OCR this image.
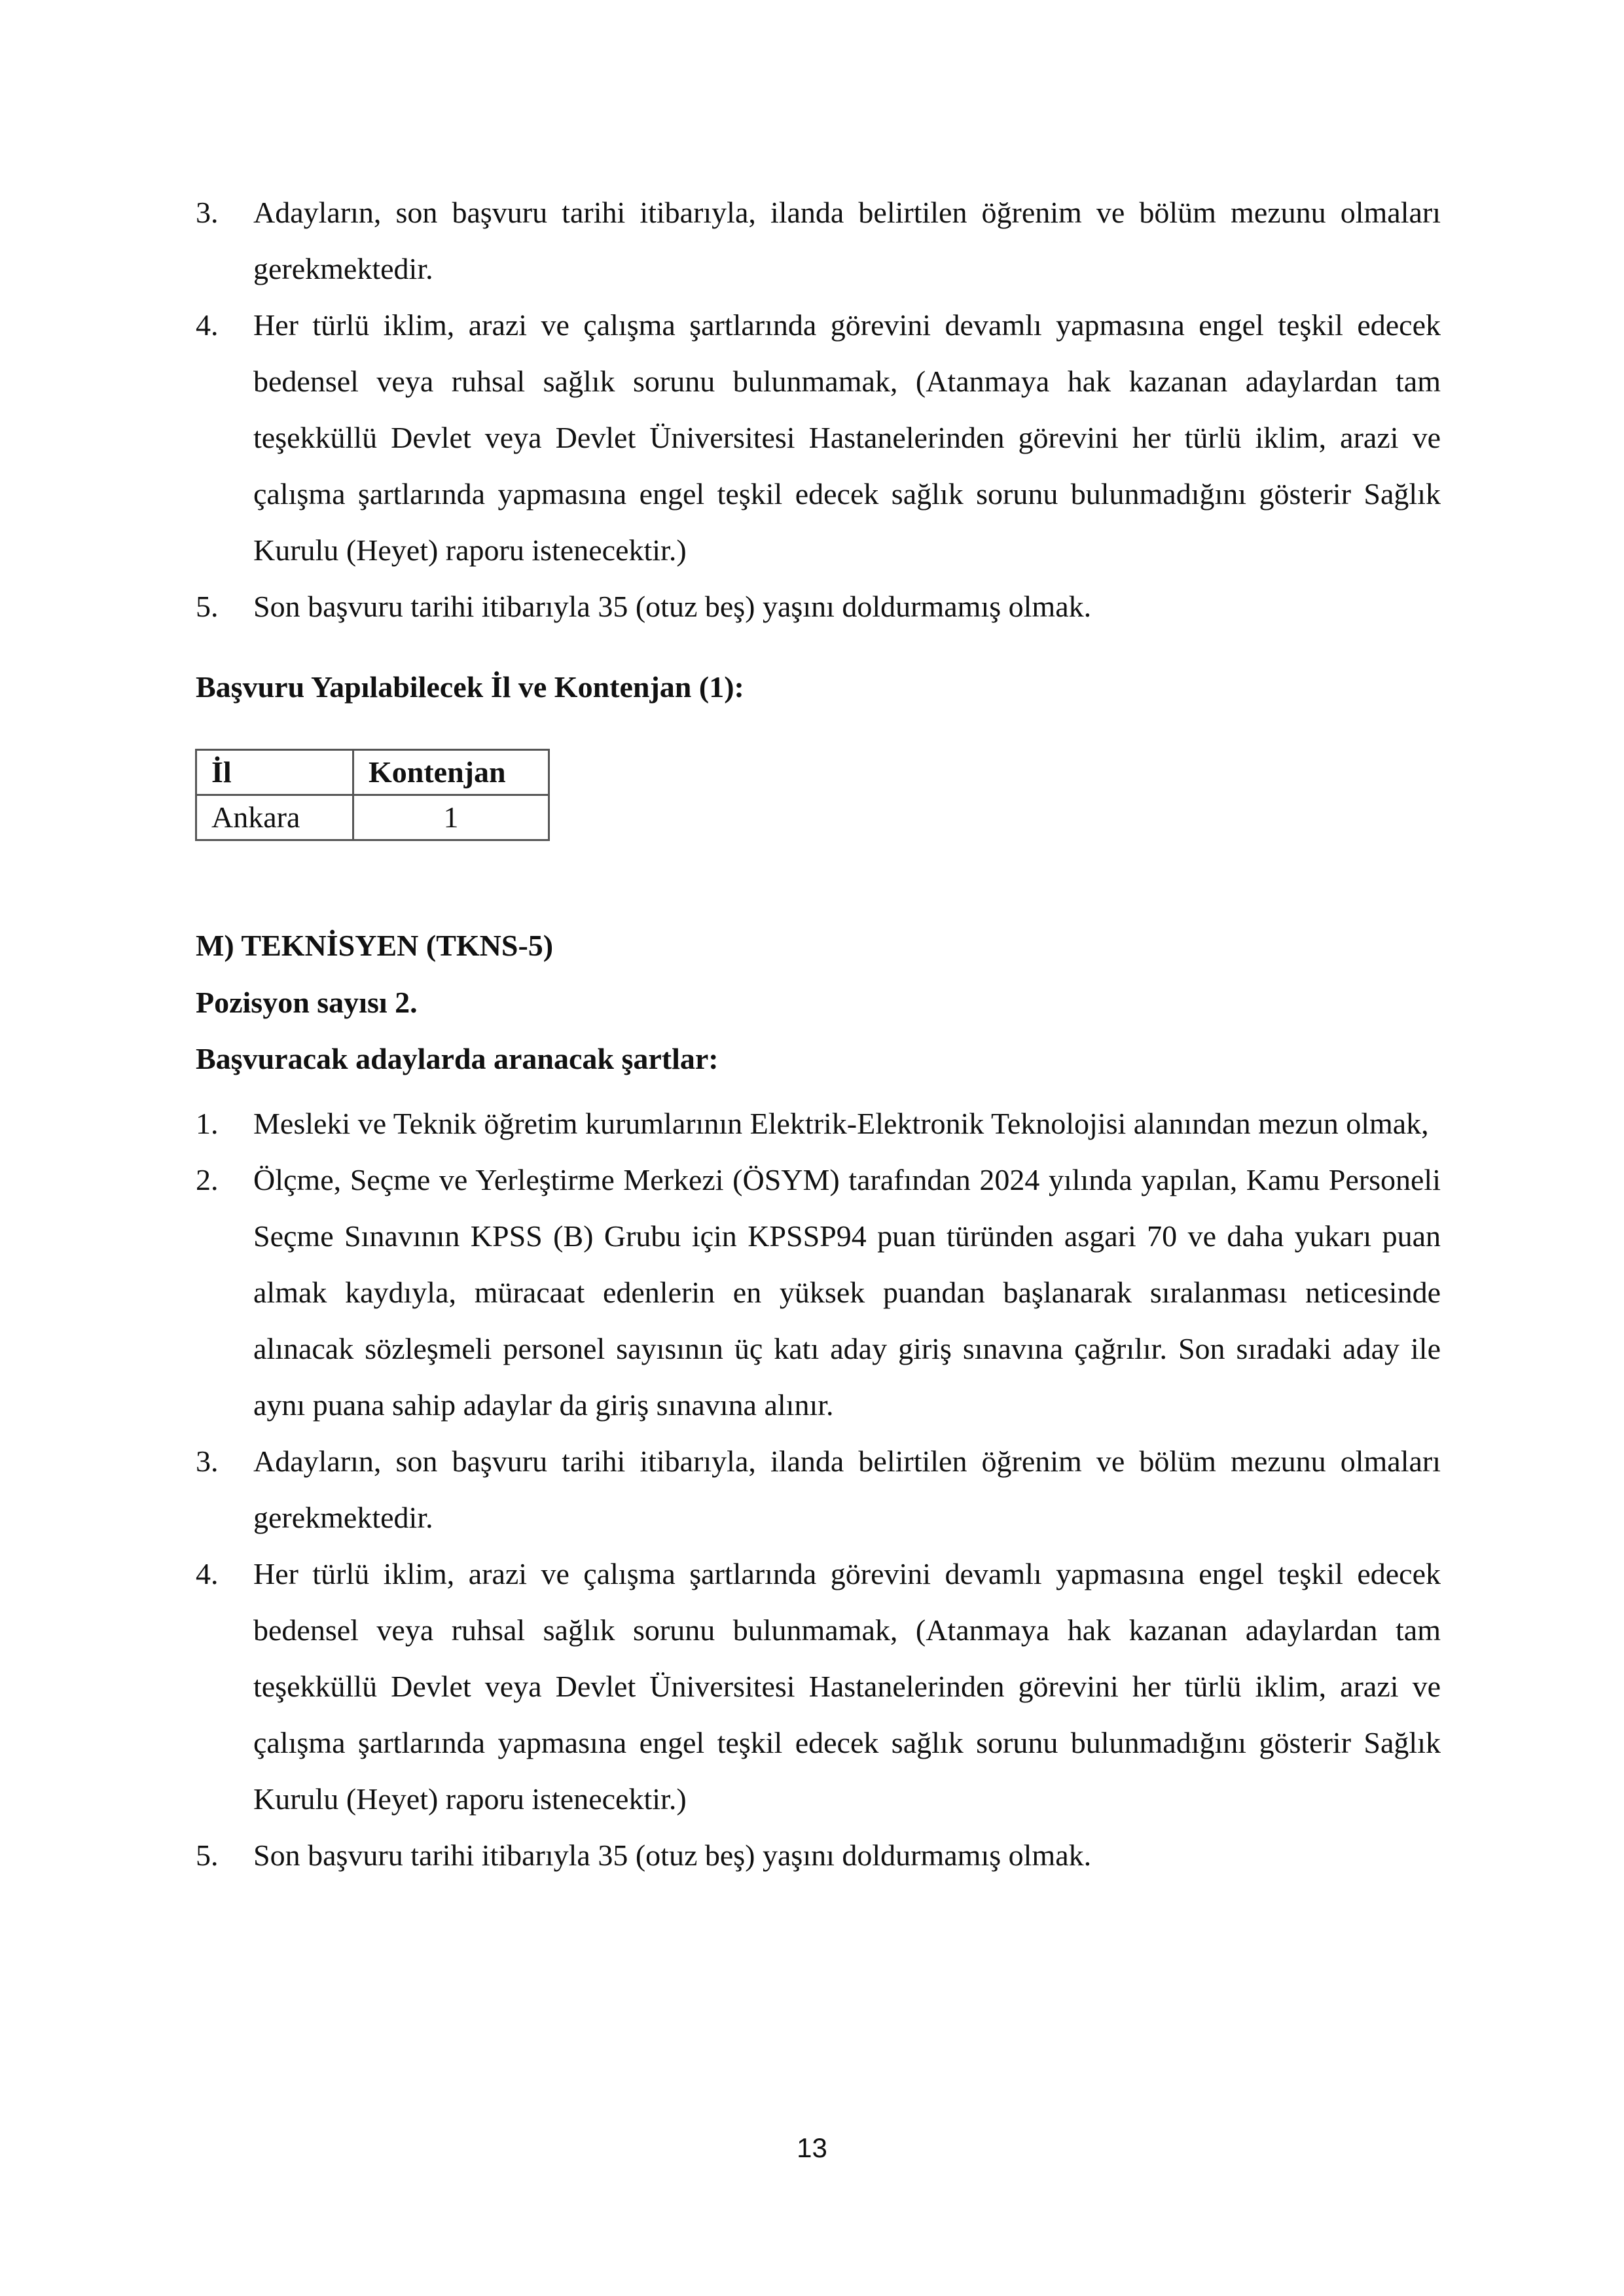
3. Adayların, son başvuru tarihi itibarıyla, ilanda belirtilen öğrenim ve bölüm mezunu olmaları gerekmektedir.
4. Her türlü iklim, arazi ve çalışma şartlarında görevini devamlı yapmasına engel teşkil edecek bedensel veya ruhsal sağlık sorunu bulunmamak, (Atanmaya hak kazanan adaylardan tam teşekküllü Devlet veya Devlet Üniversitesi Hastanelerinden görevini her türlü iklim, arazi ve çalışma şartlarında yapmasına engel teşkil edecek sağlık sorunu bulunmadığını gösterir Sağlık Kurulu (Heyet) raporu istenecektir.)
5. Son başvuru tarihi itibarıyla 35 (otuz beş) yaşını doldurmamış olmak.
Başvuru Yapılabilecek İl ve Kontenjan (1):
İl	Kontenjan
Ankara	1
M) TEKNİSYEN (TKNS-5)
Pozisyon sayısı 2.
Başvuracak adaylarda aranacak şartlar:
1. Mesleki ve Teknik öğretim kurumlarının Elektrik-Elektronik Teknolojisi alanından mezun olmak,
2. Ölçme, Seçme ve Yerleştirme Merkezi (ÖSYM) tarafından 2024 yılında yapılan, Kamu Personeli Seçme Sınavının KPSS (B) Grubu için KPSSP94 puan türünden asgari 70 ve daha yukarı puan almak kaydıyla, müracaat edenlerin en yüksek puandan başlanarak sıralanması neticesinde alınacak sözleşmeli personel sayısının üç katı aday giriş sınavına çağrılır. Son sıradaki aday ile aynı puana sahip adaylar da giriş sınavına alınır.
3. Adayların, son başvuru tarihi itibarıyla, ilanda belirtilen öğrenim ve bölüm mezunu olmaları gerekmektedir.
4. Her türlü iklim, arazi ve çalışma şartlarında görevini devamlı yapmasına engel teşkil edecek bedensel veya ruhsal sağlık sorunu bulunmamak, (Atanmaya hak kazanan adaylardan tam teşekküllü Devlet veya Devlet Üniversitesi Hastanelerinden görevini her türlü iklim, arazi ve çalışma şartlarında yapmasına engel teşkil edecek sağlık sorunu bulunmadığını gösterir Sağlık Kurulu (Heyet) raporu istenecektir.)
5. Son başvuru tarihi itibarıyla 35 (otuz beş) yaşını doldurmamış olmak.
13
